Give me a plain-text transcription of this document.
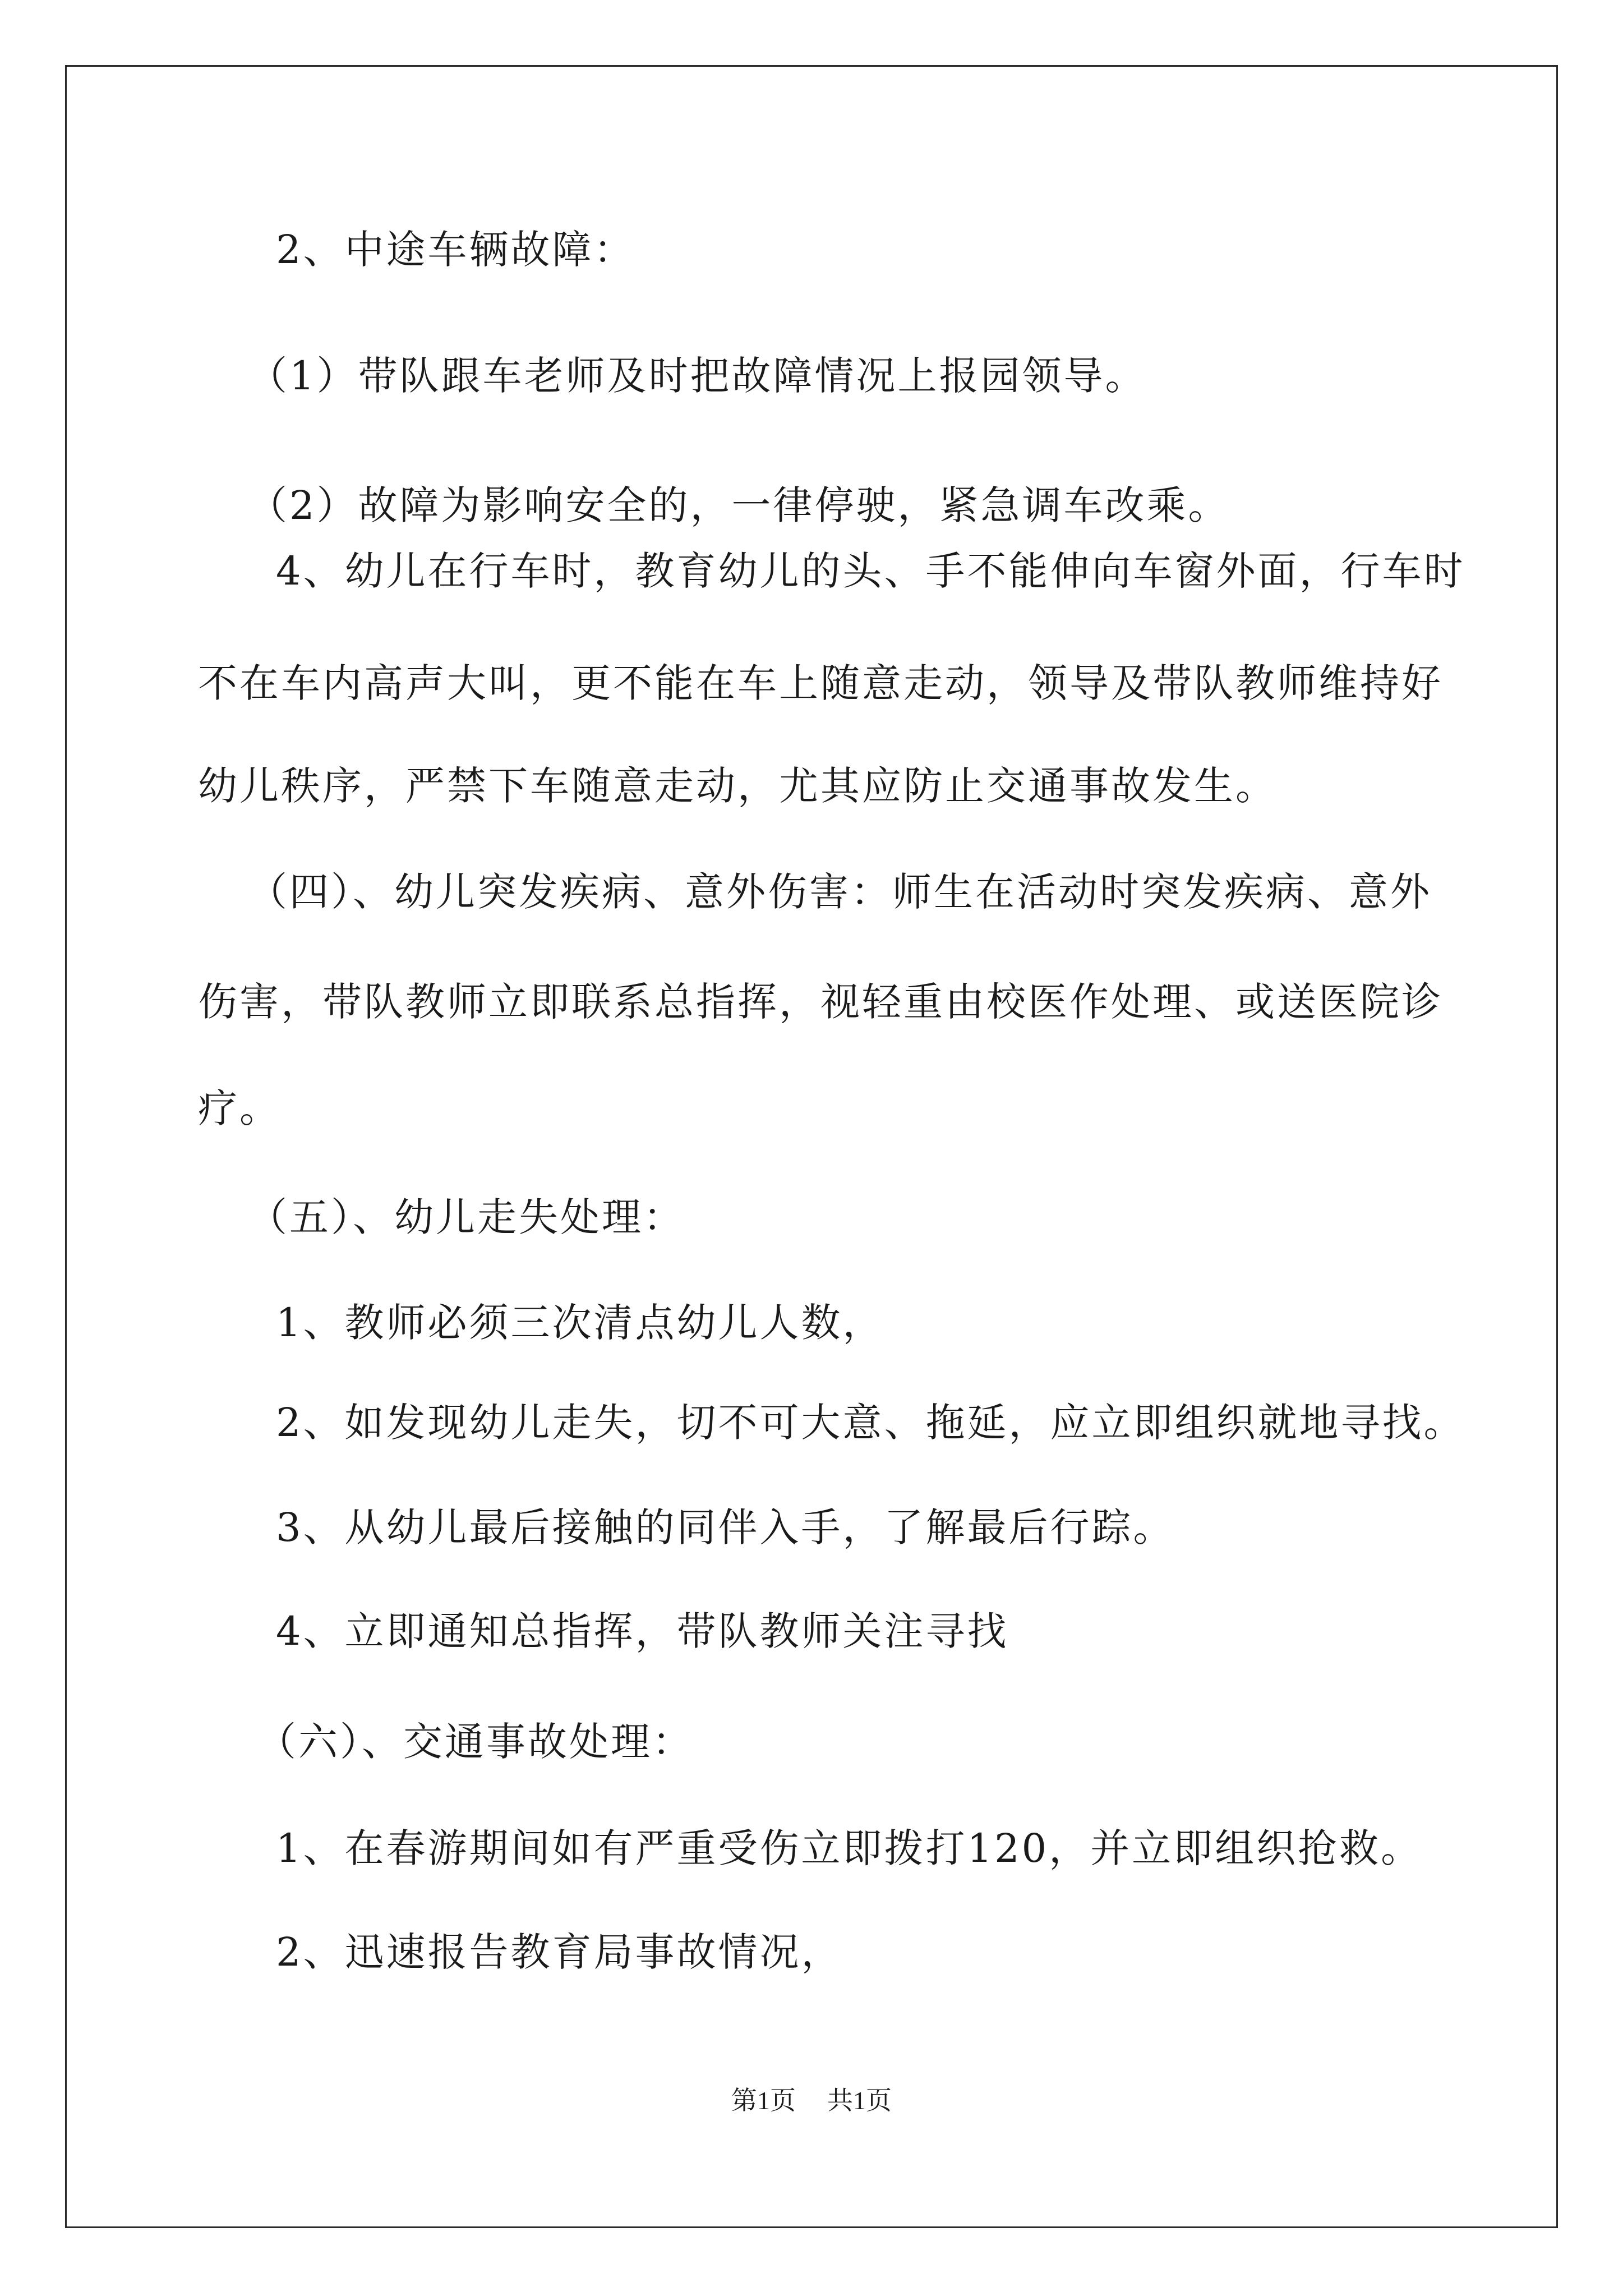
2、中途车辆故障：
（1）带队跟车老师及时把故障情况上报园领导。
（2）故障为影响安全的，一律停驶，紧急调车改乘。
4、幼儿在行车时，教育幼儿的头、手不能伸向车窗外面，行车时
不在车内高声大叫，更不能在车上随意走动，领导及带队教师维持好
幼儿秩序，严禁下车随意走动，尤其应防止交通事故发生。
（四）、幼儿突发疾病、意外伤害：师生在活动时突发疾病、意外
伤害，带队教师立即联系总指挥，视轻重由校医作处理、或送医院诊
疗。
（五）、幼儿走失处理：
1、教师必须三次清点幼儿人数，
2、如发现幼儿走失，切不可大意、拖延，应立即组织就地寻找。
3、从幼儿最后接触的同伴入手，了解最后行踪。
4、立即通知总指挥，带队教师关注寻找
（六）、交通事故处理：
1、在春游期间如有严重受伤立即拨打120，并立即组织抢救。
2、迅速报告教育局事故情况，
第1页 共1页
